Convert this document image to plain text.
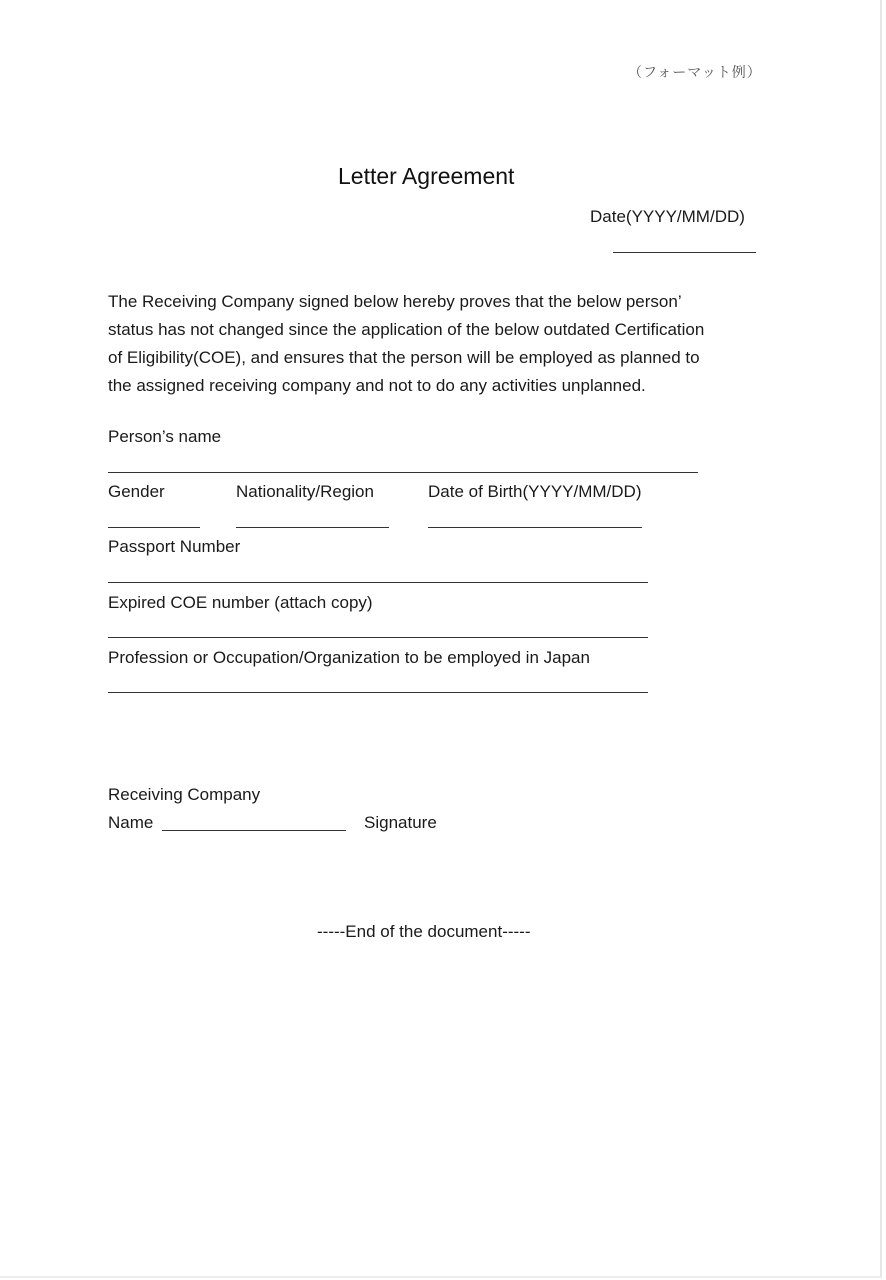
（フォーマット例）
Letter Agreement
Date(YYYY/MM/DD)
The Receiving Company signed below hereby proves that the below person’
status has not changed since the application of the below outdated Certification
of Eligibility(COE), and ensures that the person will be employed as planned to
the assigned receiving company and not to do any activities unplanned.
Person’s name
Gender	Nationality/Region	Date of Birth(YYYY/MM/DD)
Passport Number
Expired COE number (attach copy)
Profession or Occupation/Organization to be employed in Japan
Receiving Company
Name	Signature
-----End of the document-----
